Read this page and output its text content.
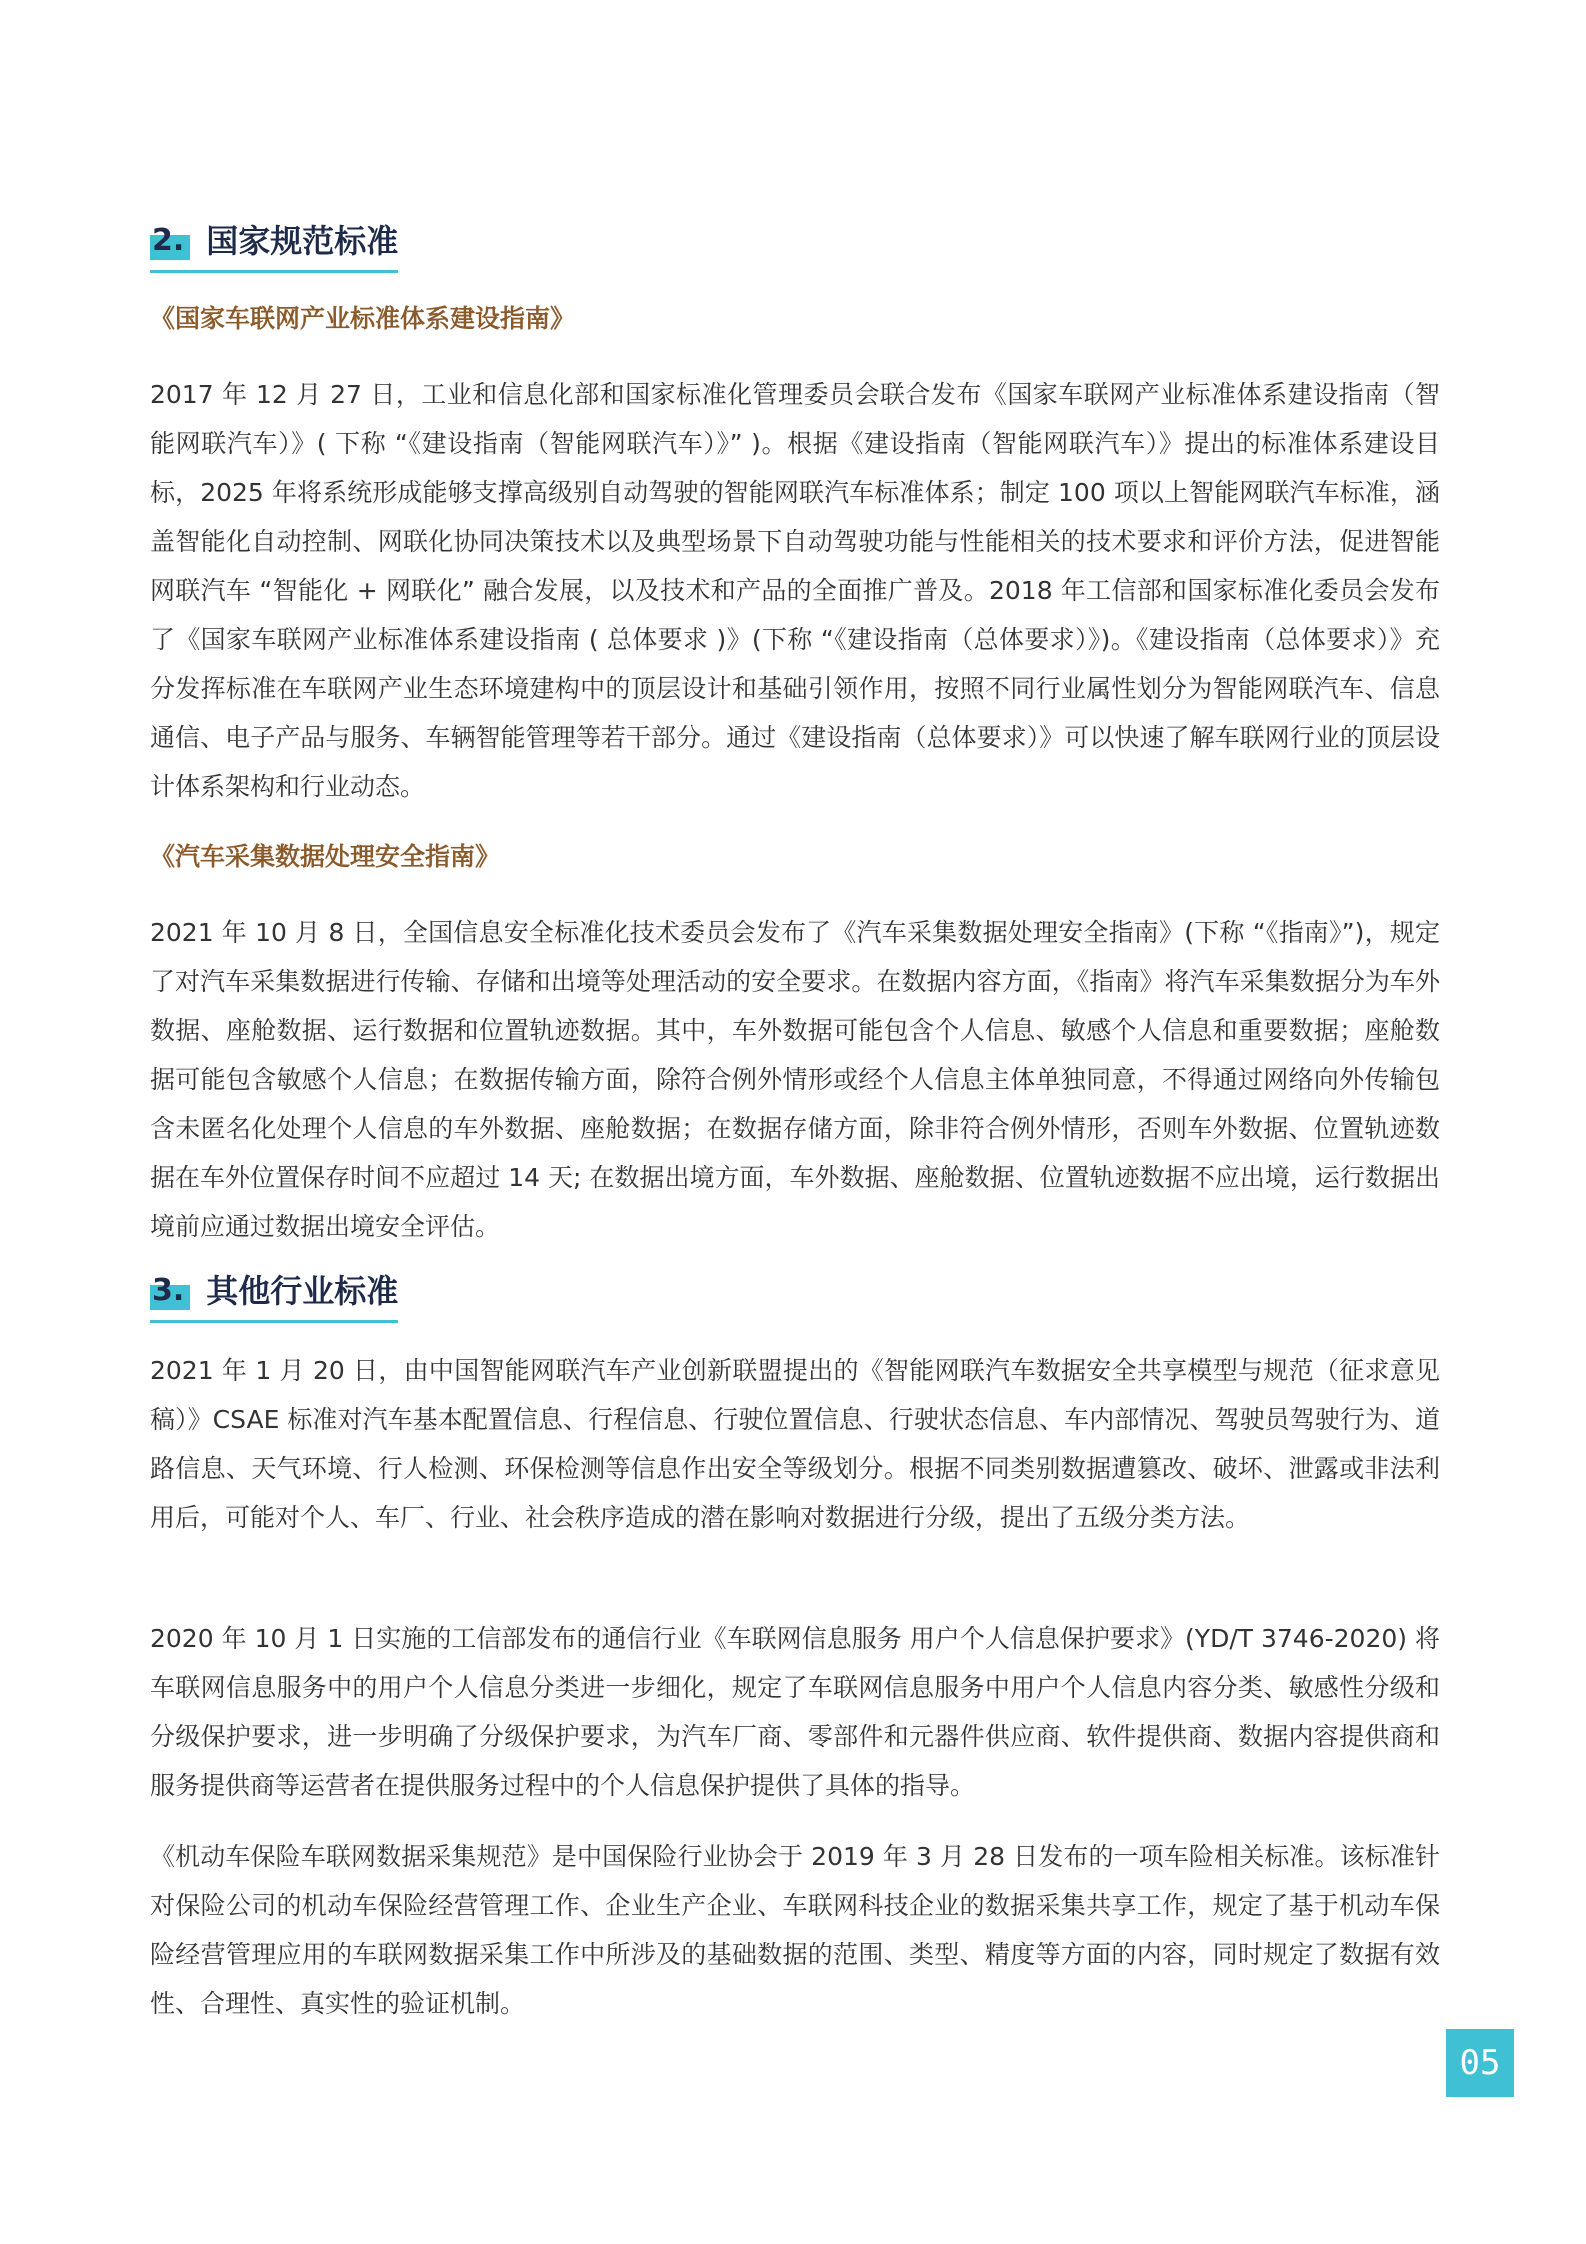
2. 国家规范标准
《国家车联网产业标准体系建设指南》

2017 年 12 月 27 日，工业和信息化部和国家标准化管理委员会联合发布《国家车联网产业标准体系建设指南（智能网联汽车）》( 下称 “《建设指南（智能网联汽车）》” )。根据《建设指南（智能网联汽车）》提出的标准体系建设目标，2025 年将系统形成能够支撑高级别自动驾驶的智能网联汽车标准体系；制定 100 项以上智能网联汽车标准，涵盖智能化自动控制、网联化协同决策技术以及典型场景下自动驾驶功能与性能相关的技术要求和评价方法，促进智能网联汽车 “智能化 + 网联化” 融合发展，以及技术和产品的全面推广普及。2018 年工信部和国家标准化委员会发布了《国家车联网产业标准体系建设指南 ( 总体要求 )》(下称 “《建设指南（总体要求）》)。《建设指南（总体要求）》充分发挥标准在车联网产业生态环境建构中的顶层设计和基础引领作用，按照不同行业属性划分为智能网联汽车、信息通信、电子产品与服务、车辆智能管理等若干部分。通过《建设指南（总体要求）》可以快速了解车联网行业的顶层设计体系架构和行业动态。

《汽车采集数据处理安全指南》

2021 年 10 月 8 日，全国信息安全标准化技术委员会发布了《汽车采集数据处理安全指南》(下称 “《指南》”)，规定了对汽车采集数据进行传输、存储和出境等处理活动的安全要求。在数据内容方面，《指南》将汽车采集数据分为车外数据、座舱数据、运行数据和位置轨迹数据。其中，车外数据可能包含个人信息、敏感个人信息和重要数据；座舱数据可能包含敏感个人信息；在数据传输方面，除符合例外情形或经个人信息主体单独同意，不得通过网络向外传输包含未匿名化处理个人信息的车外数据、座舱数据；在数据存储方面，除非符合例外情形，否则车外数据、位置轨迹数据在车外位置保存时间不应超过 14 天; 在数据出境方面，车外数据、座舱数据、位置轨迹数据不应出境，运行数据出境前应通过数据出境安全评估。

3. 其他行业标准

2021 年 1 月 20 日，由中国智能网联汽车产业创新联盟提出的《智能网联汽车数据安全共享模型与规范（征求意见稿）》CSAE 标准对汽车基本配置信息、行程信息、行驶位置信息、行驶状态信息、车内部情况、驾驶员驾驶行为、道路信息、天气环境、行人检测、环保检测等信息作出安全等级划分。根据不同类别数据遭篡改、破坏、泄露或非法利用后，可能对个人、车厂、行业、社会秩序造成的潜在影响对数据进行分级，提出了五级分类方法。

2020 年 10 月 1 日实施的工信部发布的通信行业《车联网信息服务 用户个人信息保护要求》(YD/T 3746-2020) 将车联网信息服务中的用户个人信息分类进一步细化，规定了车联网信息服务中用户个人信息内容分类、敏感性分级和分级保护要求，进一步明确了分级保护要求，为汽车厂商、零部件和元器件供应商、软件提供商、数据内容提供商和服务提供商等运营者在提供服务过程中的个人信息保护提供了具体的指导。

《机动车保险车联网数据采集规范》是中国保险行业协会于 2019 年 3 月 28 日发布的一项车险相关标准。该标准针对保险公司的机动车保险经营管理工作、企业生产企业、车联网科技企业的数据采集共享工作，规定了基于机动车保险经营管理应用的车联网数据采集工作中所涉及的基础数据的范围、类型、精度等方面的内容，同时规定了数据有效性、合理性、真实性的验证机制。

05
